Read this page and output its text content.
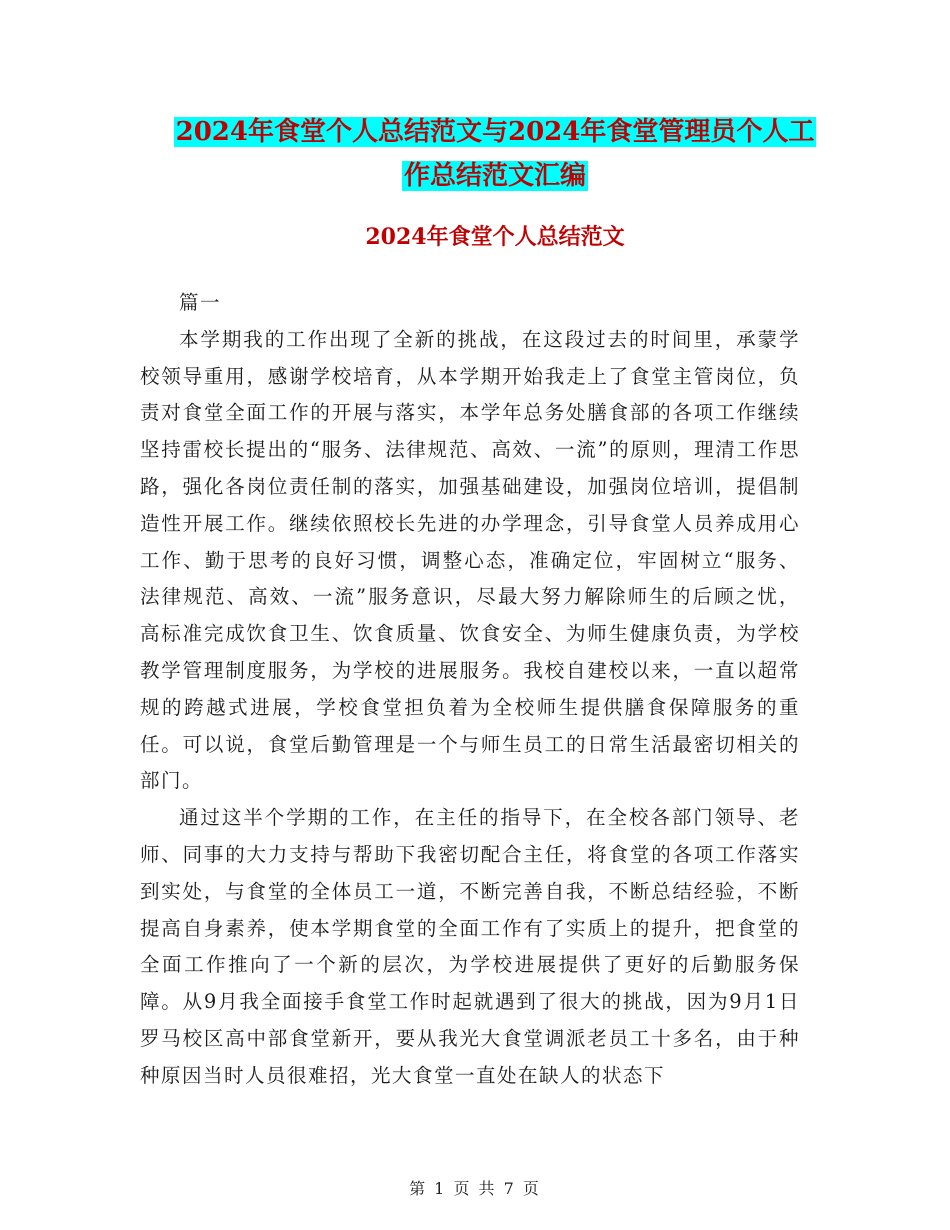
2024年食堂个人总结范文与2024年食堂管理员个人工
作总结范文汇编
2024年食堂个人总结范文

篇一

本学期我的工作出现了全新的挑战，在这段过去的时间里，承蒙学校领导重用，感谢学校培育，从本学期开始我走上了食堂主管岗位，负责对食堂全面工作的开展与落实，本学年总务处膳食部的各项工作继续坚持雷校长提出的“服务、法律规范、高效、一流”的原则，理清工作思路，强化各岗位责任制的落实，加强基础建设，加强岗位培训，提倡制造性开展工作。继续依照校长先进的办学理念，引导食堂人员养成用心工作、勤于思考的良好习惯，调整心态，准确定位，牢固树立“服务、法律规范、高效、一流”服务意识，尽最大努力解除师生的后顾之忧，高标准完成饮食卫生、饮食质量、饮食安全、为师生健康负责，为学校教学管理制度服务，为学校的进展服务。我校自建校以来，一直以超常规的跨越式进展，学校食堂担负着为全校师生提供膳食保障服务的重任。可以说，食堂后勤管理是一个与师生员工的日常生活最密切相关的部门。

通过这半个学期的工作，在主任的指导下，在全校各部门领导、老师、同事的大力支持与帮助下我密切配合主任，将食堂的各项工作落实到实处，与食堂的全体员工一道，不断完善自我，不断总结经验，不断提高自身素养，使本学期食堂的全面工作有了实质上的提升，把食堂的全面工作推向了一个新的层次，为学校进展提供了更好的后勤服务保障。从9月我全面接手食堂工作时起就遇到了很大的挑战，因为9月1日罗马校区高中部食堂新开，要从我光大食堂调派老员工十多名，由于种种原因当时人员很难招，光大食堂一直处在缺人的状态下

第 1 页 共 7 页
